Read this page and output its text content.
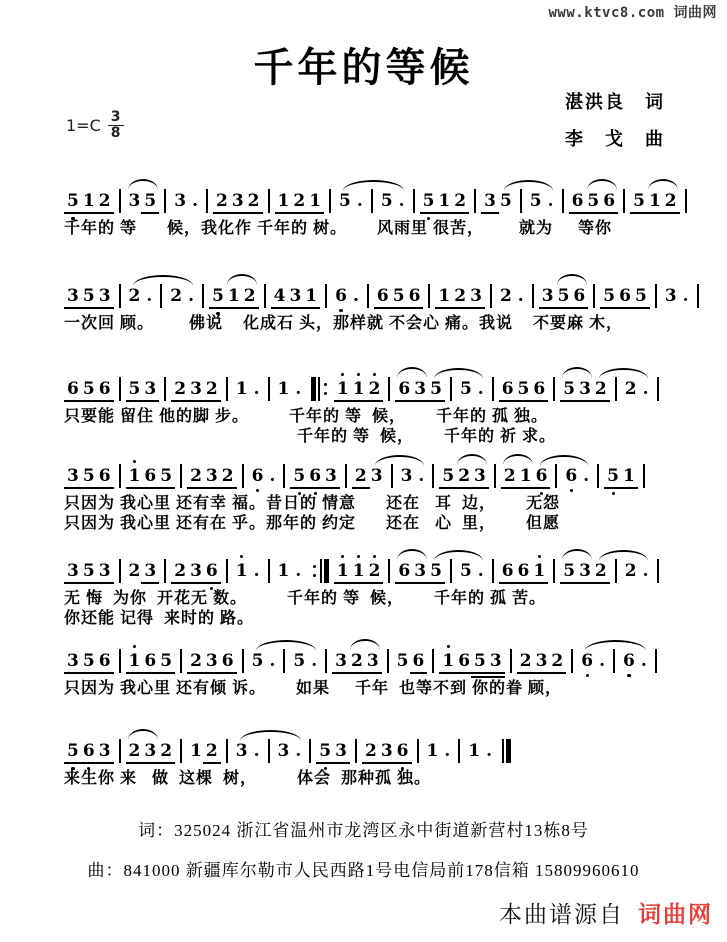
www.ktvc8.com 词曲网
千年的等候
湛洪良　词
李　戈　曲
$1=C \frac{3}{8}$
5 1 2 3 5 3 . 2 3 2 1 2 1 5 . 5 . 5 1 2 3 5 5 . 6 5 6 5 1 2
千年的 等      候，我化作 千年的 树。      风雨里 很苦，       就为     等你
3 5 3 2 . 2 . 5 1 2 4 3 1 6 . 6 5 6 1 2 3 2 . 3 5 6 5 6 5 3 .
一次回 顾。       佛说    化成石 头，那样就 不会心 痛。我说    不要麻 木，
6 5 6 5 3 2 3 2 1 . 1 . 1 1 2 6 3 5 5 . 6 5 6 5 3 2 2 .
只要能 留住 他的脚 步。        千年的 等  候，      千年的 孤 独。
千年的 等  候，      千年的 祈 求。
3 5 6 1 6 5 2 3 2 6 . 5 6 3 2 3 3 . 5 2 3 2 1 6 6 . 5 1
只因为 我心里 还有幸 福。昔日的 情意      还在   耳  边，      无怨
只因为 我心里 还有在 乎。那年的 约定      还在   心  里，      但愿
3 5 3 2 3 2 3 6 1 . 1 . 1 1 2 6 3 5 5 . 6 6 1 5 3 2 2 .
无 悔  为你  开花无 数。        千年的 等  候，      千年的 孤 苦。
你还能 记得  来时的 路。
3 5 6 1 6 5 2 3 6 5 . 5 . 3 2 3 5 6 1 6 5 3 2 3 2 6 . 6 .
只因为 我心里 还有倾 诉。      如果     千年  也等不到 你的眷 顾，
5 6 3 2 3 2 1 2 3 . 3 . 5 3 2 3 6 1 . 1 .
来生你 来   做  这棵  树，        体会  那种孤 独。
词：325024 浙江省温州市龙湾区永中街道新营村13栋8号
曲：841000 新疆库尔勒市人民西路1号电信局前178信箱 15809960610
本曲谱源自 词曲网
